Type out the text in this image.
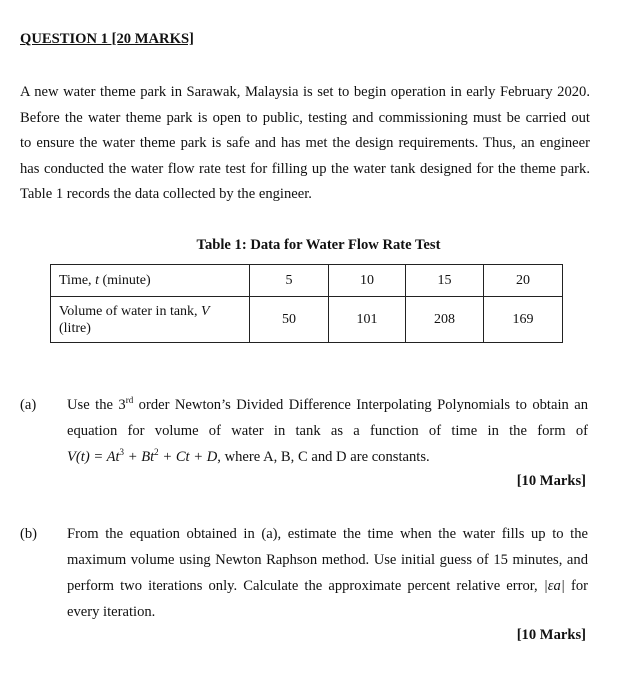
QUESTION 1 [20 MARKS]
A new water theme park in Sarawak, Malaysia is set to begin operation in early February 2020.
Before the water theme park is open to public, testing and commissioning must be carried out
to ensure the water theme park is safe and has met the design requirements. Thus, an engineer
has conducted the water flow rate test for filling up the water tank designed for the theme park.
Table 1 records the data collected by the engineer.
Table 1: Data for Water Flow Rate Test
Time, t (minute)	5	10	15	20
Volume of water in tank, V
(litre)	50	101	208	169
(a) Use the 3rd order Newton’s Divided Difference Interpolating Polynomials to obtain an
equation for volume of water in tank as a function of time in the form of
$V(t) = At^3 + Bt^2 + Ct + D$, where A, B, C and D are constants.
[10 Marks]
(b) From the equation obtained in (a), estimate the time when the water fills up to the
maximum volume using Newton Raphson method. Use initial guess of 15 minutes, and
perform two iterations only. Calculate the approximate percent relative error, |εa| for
every iteration.
[10 Marks]
